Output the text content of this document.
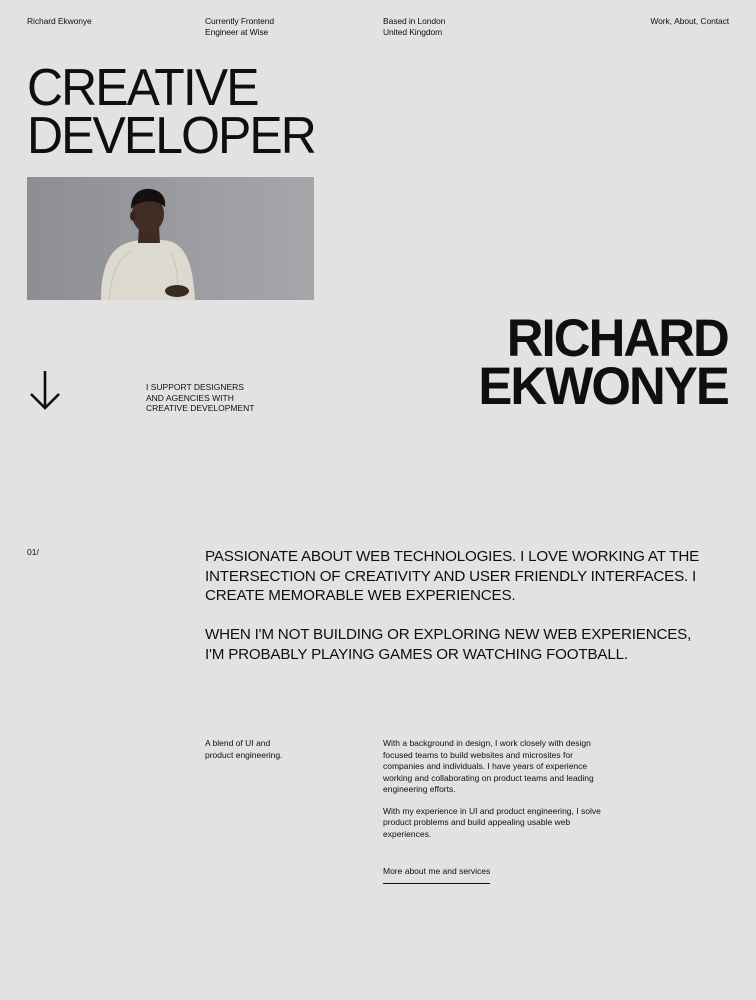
Richard Ekwonye	Currently Frontend
Engineer at Wise
Based in London
United Kingdom
Work , About , Contact
CREATIVE
DEVELOPER
I SUPPORT DESIGNERS
AND AGENCIES WITH
CREATIVE DEVELOPMENT
RICHARD
EKWONYE
01/	PASSIONATE ABOUT WEB TECHNOLOGIES. I LOVE WORKING AT THE INTERSECTION OF CREATIVITY AND USER FRIENDLY INTERFACES. I CREATE MEMORABLE WEB EXPERIENCES.

WHEN I'M NOT BUILDING OR EXPLORING NEW WEB EXPERIENCES, I'M PROBABLY PLAYING GAMES OR WATCHING FOOTBALL.

A blend of UI and
product engineering.

With a background in design, I work closely with design focused teams to build websites and microsites for companies and individuals. I have years of experience working and collaborating on product teams and leading engineering efforts.

With my experience in UI and product engineering, I solve product problems and build appealing usable web experiences.

More about me and services
